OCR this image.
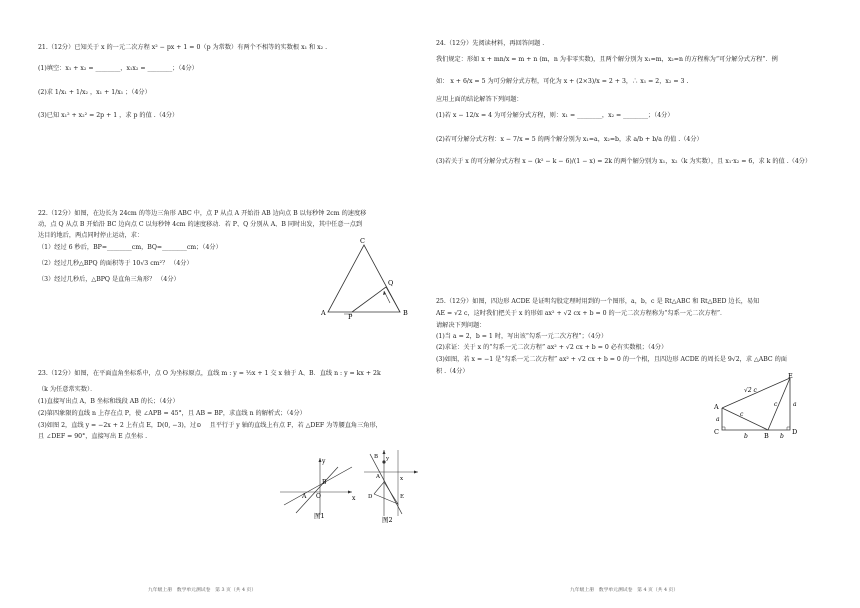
21.（12分）已知关于 x 的一元二次方程 x² − px + 1 = 0（p 为常数）有两个不相等的实数根 x₁ 和 x₂ .
(1)填空：x₁ + x₂ = ________，x₁x₂ = ________；（4分）
(2)求 1/x₁ + 1/x₂ ，x₁ + 1/x₁ ；（4分）
(3)已知 x₁² + x₂² = 2p + 1 ，求 p 的值 .（4分）
22.（12分）如图，在边长为 24cm 的等边三角形 ABC 中，点 P 从点 A 开始沿 AB 边向点 B 以每秒钟 2cm 的速度移
动，点 Q 从点 B 开始沿 BC 边向点 C 以每秒钟 4cm 的速度移动．若 P、Q 分别从 A、B 同时出发，其中任意一点到
达目的地后，两点同时停止运动，求：
（1）经过 6 秒后，BP=________cm，BQ=________cm；（4分）
（2）经过几秒△BPQ 的面积等于 10√3 cm²？ （4分）
（3）经过几秒后，△BPQ 是直角三角形？ （4分）
C
A	B
P
Q
23.（12分）如图，在平面直角坐标系中，点 O 为坐标原点，直线 m : y = ½x + 1 交 x 轴于 A、B．直线 n : y = kx + 2k
（k 为任意常实数）．
(1)直接写出点 A，B 坐标和线段 AB 的长；（4分）
(2)第四象限的直线 n 上存在点 P，使 ∠APB = 45°，且 AB = BP，求直线 n 的解析式；（4分）
(3)如图 2，直线 y = −2x + 2 上有点 E，D(0, −3)，过⊙ 　且平行于 y 轴的直线上有点 F，若 △DEF 为等腰直角三角形，
且 ∠DEF = 90°，直接写出 E 点坐标 .
A O
B
y
x
图1
B y
A	x
D	E
图2
九年级上册　数学单元测试卷　第 3 页（共 4 页）
24.（12分）先阅读材料，再回答问题 .
我们规定：形如 x + mn/x = m + n (m，n 为非零实数)，且两个解分别为 x₁=m，x₂=n 的方程称为“可分解分式方程”．例
如： x + 6/x = 5 为可分解分式方程，可化为 x + (2×3)/x = 2 + 3，∴ x₁ = 2，x₂ = 3 .
应用上面的结论解答下列问题：
(1)若 x − 12/x = 4 为可分解分式方程，则：x₁ = ________，x₂ = ________；（4分）
(2)若可分解分式方程：x − 7/x = 5 的两个解分别为 x₁=a，x₂=b，求 a/b + b/a 的值 .（4分）
(3)若关于 x 的可分解分式方程 x − (k² − k − 6)/(1 − x) = 2k 的两个解分别为 x₁，x₂（k 为实数），且 x₁·x₂ = 6，求 k 的值 .（4分）
25.（12分）如图，四边形 ACDE 是证明勾股定理时用到的一个图形，a，b，c 是 Rt△ABC 和 Rt△BED 边长，易知
AE = √2 c，这时我们把关于 x 的形如 ax² + √2 cx + b = 0 的一元二次方程称为“勾系一元二次方程”．
请解决下列问题：
(1)当 a = 2，b = 1 时，写出该“勾系一元二次方程”；（4分）
(2)求证：关于 x 的“勾系一元二次方程” ax² + √2 cx + b = 0 必有实数根；（4分）
(3)如图，若 x = −1 是“勾系一元二次方程” ax² + √2 cx + b = 0 的一个根，且四边形 ACDE 的周长是 9√2，求 △ABC 的面
积 .（4分）
E
A
C	B	D
a
a
b	b
c
c
√2 c
九年级上册　数学单元测试卷　第 4 页（共 4 页）
